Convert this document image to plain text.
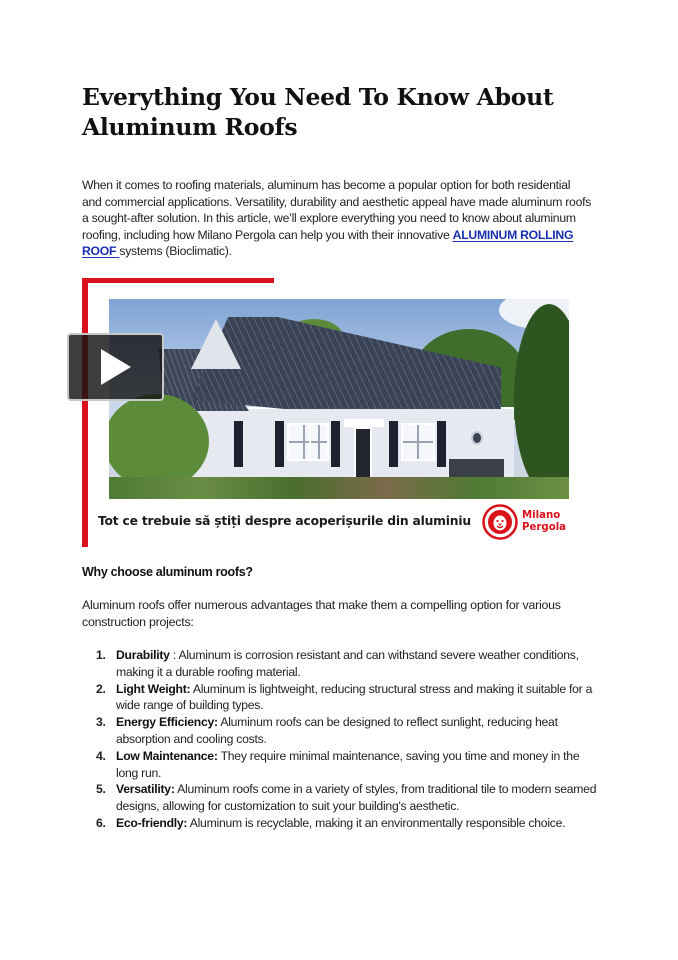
Everything You Need To Know About Aluminum Roofs

When it comes to roofing materials, aluminum has become a popular option for both residential and commercial applications. Versatility, durability and aesthetic appeal have made aluminum roofs a sought-after solution. In this article, we’ll explore everything you need to know about aluminum roofing, including how Milano Pergola can help you with their innovative ALUMINUM ROLLING ROOF systems (Bioclimatic).

Tot ce trebuie să știți despre acoperișurile din aluminiu	Milano
Pergola
Why choose aluminum roofs?

Aluminum roofs offer numerous advantages that make them a compelling option for various construction projects:

1. Durability : Aluminum is corrosion resistant and can withstand severe weather conditions, making it a durable roofing material.
2. Light Weight: Aluminum is lightweight, reducing structural stress and making it suitable for a wide range of building types.
3. Energy Efficiency: Aluminum roofs can be designed to reflect sunlight, reducing heat absorption and cooling costs.
4. Low Maintenance: They require minimal maintenance, saving you time and money in the long run.
5. Versatility: Aluminum roofs come in a variety of styles, from traditional tile to modern seamed designs, allowing for customization to suit your building's aesthetic.
6. Eco-friendly: Aluminum is recyclable, making it an environmentally responsible choice.
